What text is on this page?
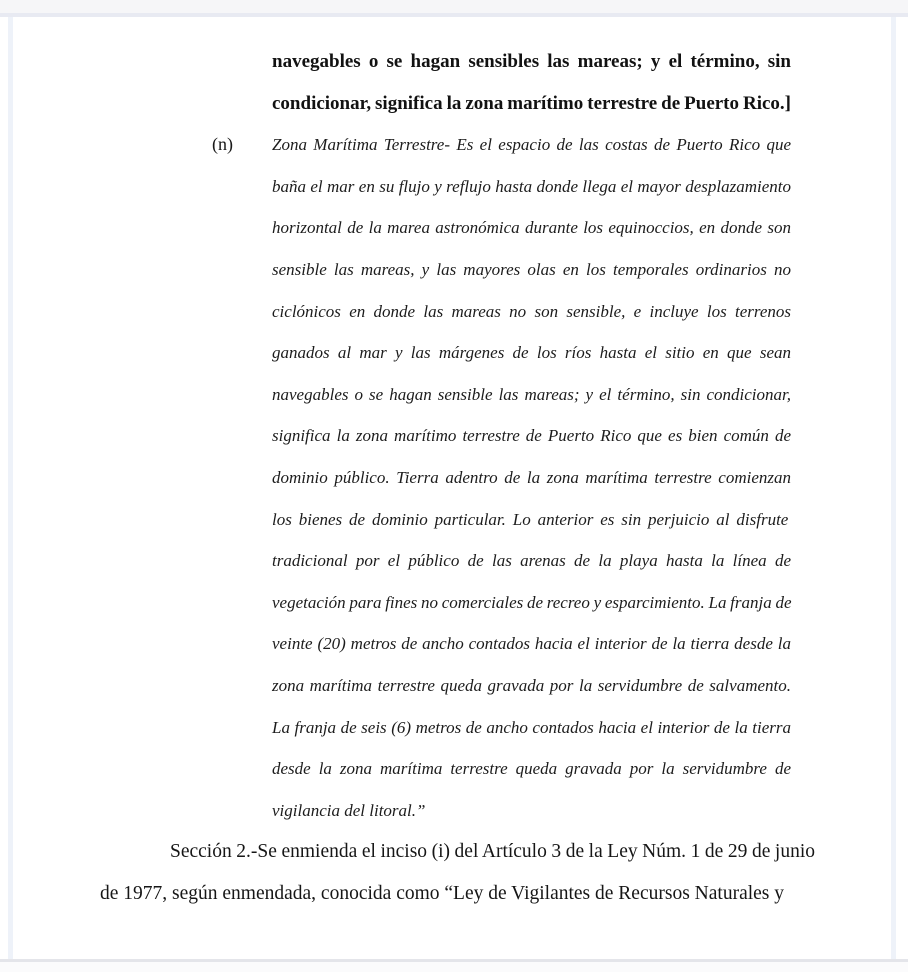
navegables o se hagan sensibles las mareas; y el término, sin
condicionar, significa la zona marítimo terrestre de Puerto Rico.]
(n) Zona Marítima Terrestre- Es el espacio de las costas de Puerto Rico que
baña el mar en su flujo y reflujo hasta donde llega el mayor desplazamiento
horizontal de la marea astronómica durante los equinoccios, en donde son
sensible las mareas, y las mayores olas en los temporales ordinarios no
ciclónicos en donde las mareas no son sensible, e incluye los terrenos
ganados al mar y las márgenes de los ríos hasta el sitio en que sean
navegables o se hagan sensible las mareas; y el término, sin condicionar,
significa la zona marítimo terrestre de Puerto Rico que es bien común de
dominio público. Tierra adentro de la zona marítima terrestre comienzan
los bienes de dominio particular. Lo anterior es sin perjuicio al disfrute
tradicional por el público de las arenas de la playa hasta la línea de
vegetación para fines no comerciales de recreo y esparcimiento. La franja de
veinte (20) metros de ancho contados hacia el interior de la tierra desde la
zona marítima terrestre queda gravada por la servidumbre de salvamento.
La franja de seis (6) metros de ancho contados hacia el interior de la tierra
desde la zona marítima terrestre queda gravada por la servidumbre de
vigilancia del litoral.”
Sección 2.-Se enmienda el inciso (i) del Artículo 3 de la Ley Núm. 1 de 29 de junio
de 1977, según enmendada, conocida como “Ley de Vigilantes de Recursos Naturales y
